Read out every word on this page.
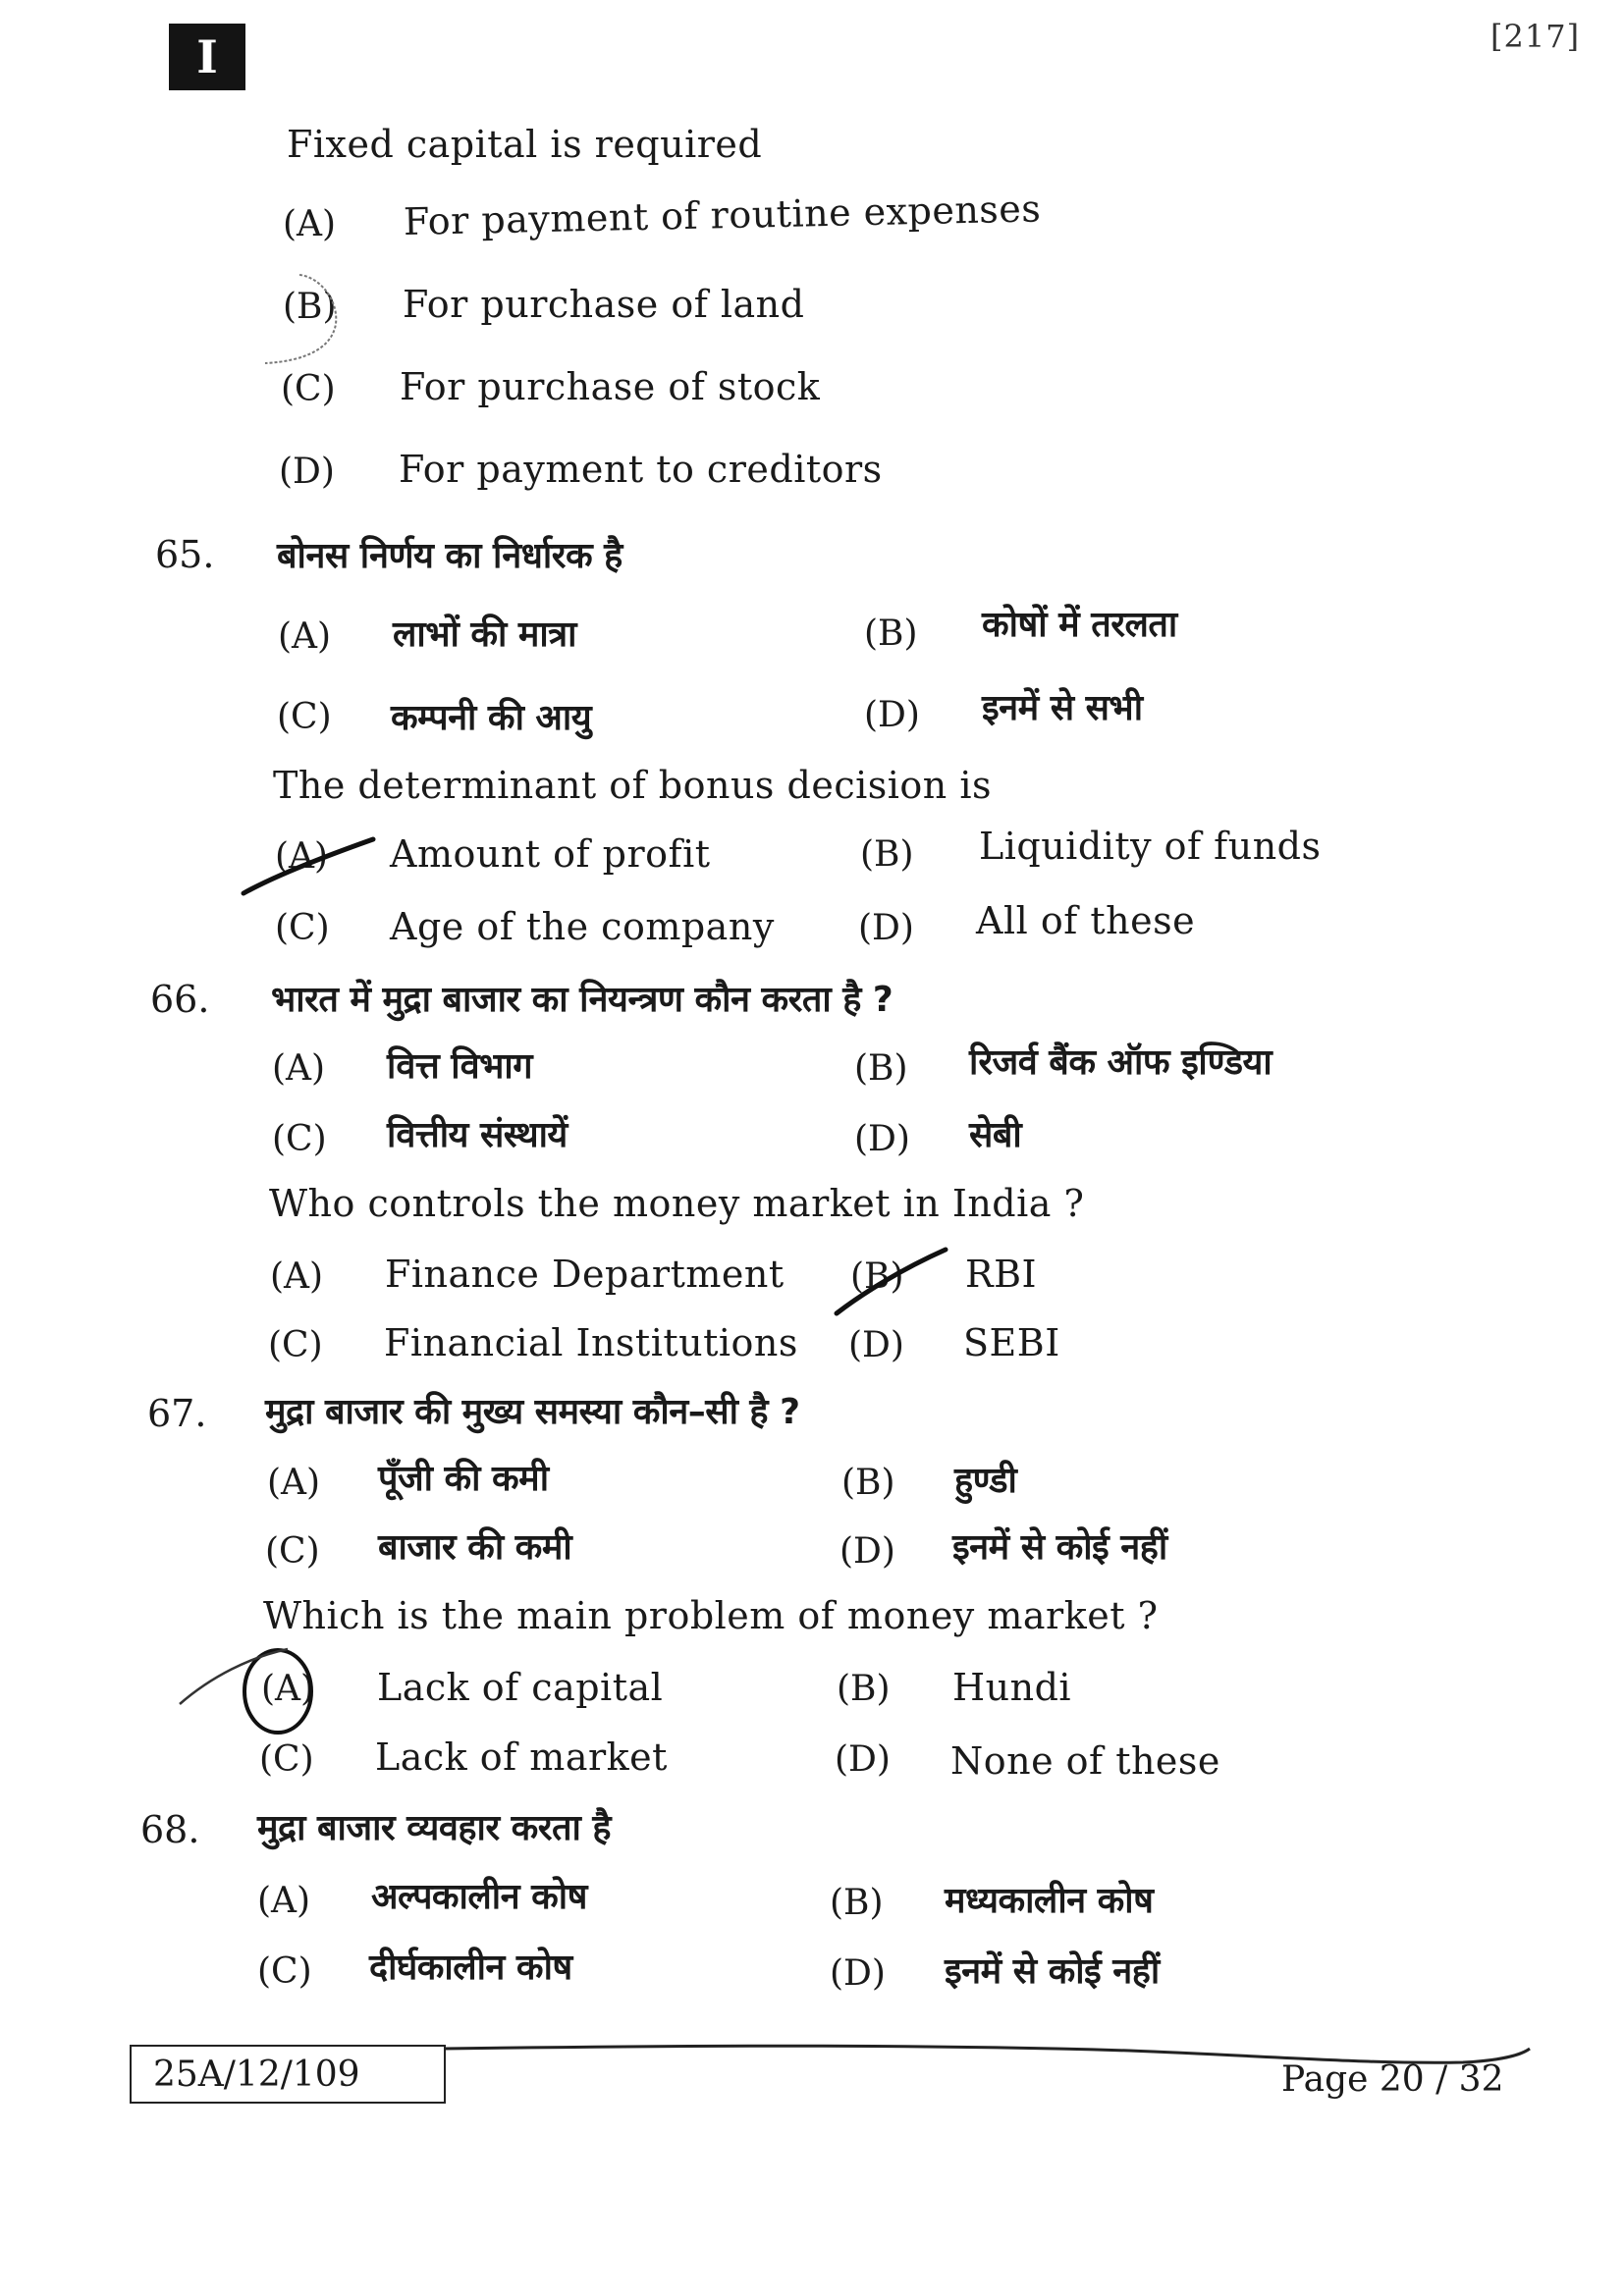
I	[217]
Fixed capital is required
(A) For payment of routine expenses
(B) For purchase of land
(C) For purchase of stock
(D) For payment to creditors
65. बोनस निर्णय का निर्धारक है
(A) लाभों की मात्रा	(B) कोषों में तरलता
(C) कम्पनी की आयु	(D) इनमें से सभी
The determinant of bonus decision is
(A) Amount of profit	(B) Liquidity of funds
(C) Age of the company (D) All of these
66. भारत में मुद्रा बाजार का नियन्त्रण कौन करता है ?
(A) वित्त विभाग	(B) रिजर्व बैंक ऑफ इण्डिया
(C) वित्तीय संस्थायें	(D) सेबी
Who controls the money market in India ?
(A) Finance Department (B) RBI
(C) Financial Institutions (D) SEBI
67. मुद्रा बाजार की मुख्य समस्या कौन–सी है ?
(A) पूँजी की कमी	(B) हुण्डी
(C) बाजार की कमी	(D) इनमें से कोई नहीं
Which is the main problem of money market ?
(A) Lack of capital	(B) Hundi
(C) Lack of market	(D) None of these
68. मुद्रा बाजार व्यवहार करता है
(A) अल्पकालीन कोष	(B) मध्यकालीन कोष
(C) दीर्घकालीन कोष	(D) इनमें से कोई नहीं
25A/12/109	Page 20 / 32
